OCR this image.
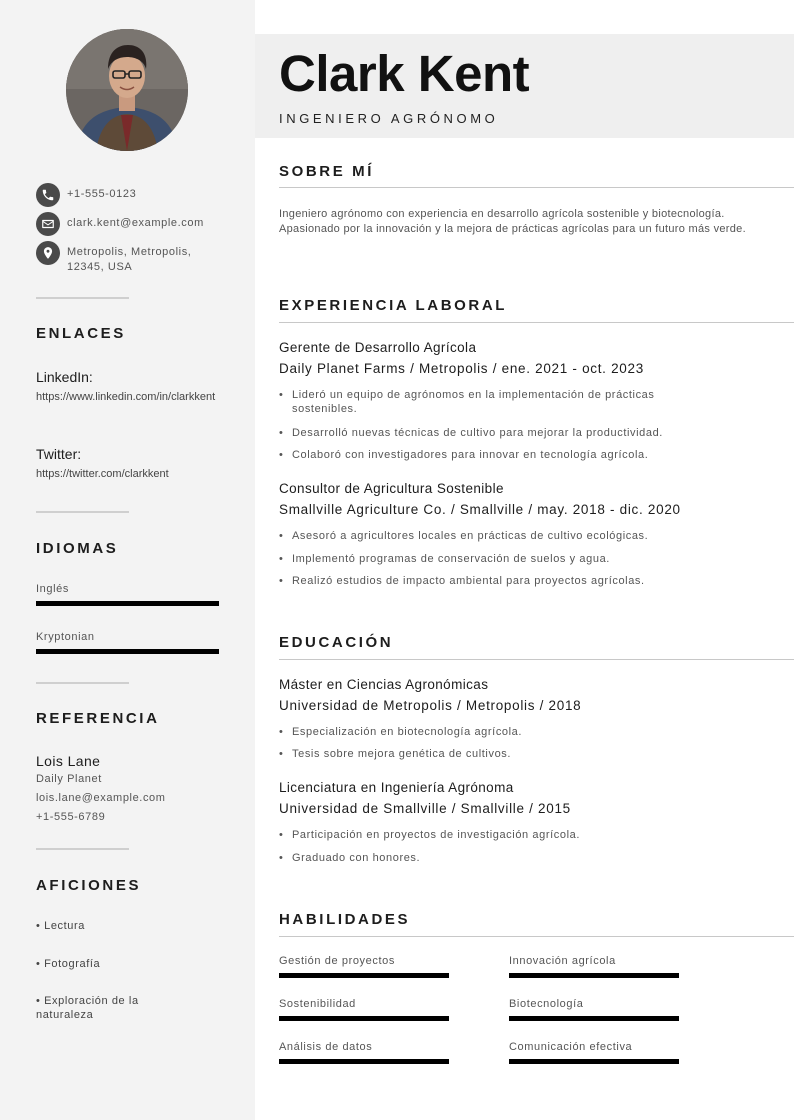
+1-555-0123
clark.kent@example.com
Metropolis, Metropolis, 12345, USA
ENLACES
LinkedIn:
https://www.linkedin.com/in/clarkkent
Twitter:
https://twitter.com/clarkkent
IDIOMAS
Inglés
Kryptonian
REFERENCIA
Lois Lane
Daily Planet
lois.lane@example.com
+1-555-6789
AFICIONES
• Lectura
• Fotografía
• Exploración de la naturaleza
Clark Kent
INGENIERO AGRÓNOMO
SOBRE MÍ
Ingeniero agrónomo con experiencia en desarrollo agrícola sostenible y biotecnología. Apasionado por la innovación y la mejora de prácticas agrícolas para un futuro más verde.
EXPERIENCIA LABORAL
Gerente de Desarrollo Agrícola
Daily Planet Farms / Metropolis / ene. 2021 - oct. 2023
• Lideró un equipo de agrónomos en la implementación de prácticas sostenibles.
• Desarrolló nuevas técnicas de cultivo para mejorar la productividad.
• Colaboró con investigadores para innovar en tecnología agrícola.
Consultor de Agricultura Sostenible
Smallville Agriculture Co. / Smallville / may. 2018 - dic. 2020
• Asesoró a agricultores locales en prácticas de cultivo ecológicas.
• Implementó programas de conservación de suelos y agua.
• Realizó estudios de impacto ambiental para proyectos agrícolas.
EDUCACIÓN
Máster en Ciencias Agronómicas
Universidad de Metropolis / Metropolis / 2018
• Especialización en biotecnología agrícola.
• Tesis sobre mejora genética de cultivos.
Licenciatura en Ingeniería Agrónoma
Universidad de Smallville / Smallville / 2015
• Participación en proyectos de investigación agrícola.
• Graduado con honores.
HABILIDADES
Gestión de proyectos	Innovación agrícola
Sostenibilidad	Biotecnología
Análisis de datos	Comunicación efectiva
